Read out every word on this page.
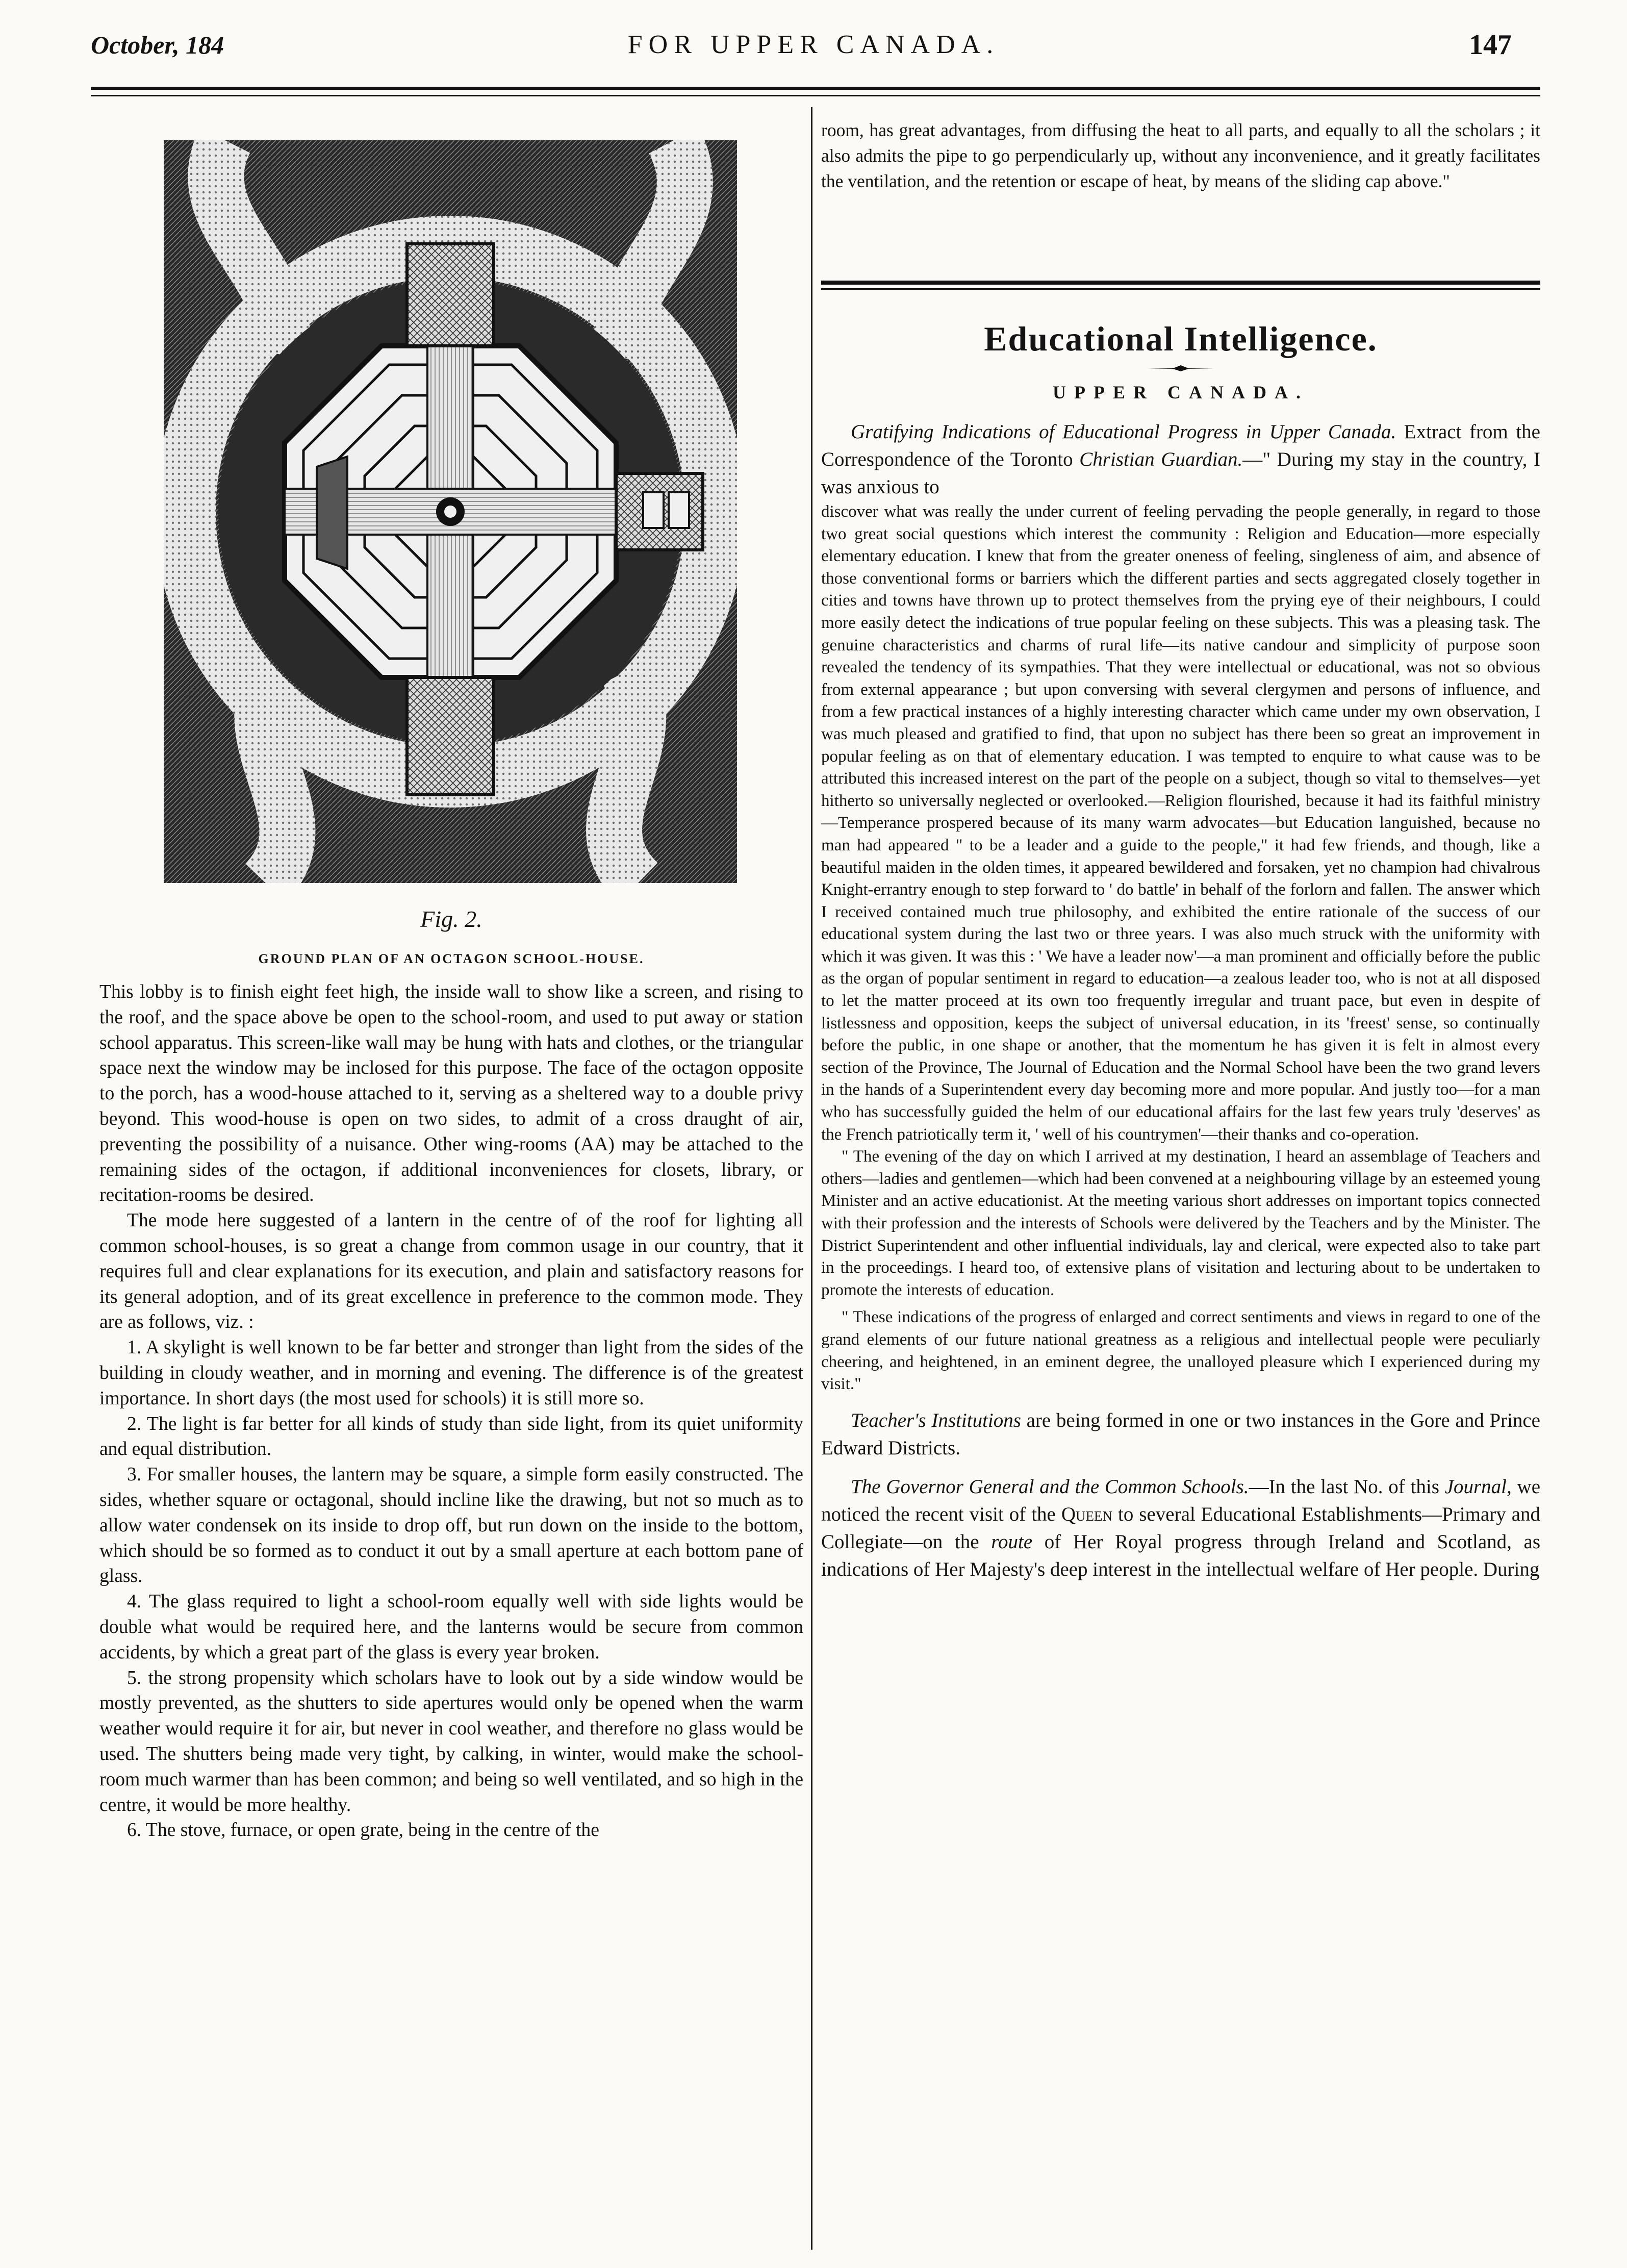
October, 184	FOR UPPER CANADA.	147
Fig. 2.
GROUND PLAN OF AN OCTAGON SCHOOL-HOUSE.

This lobby is to finish eight feet high, the inside wall to show like a screen, and rising to the roof, and the space above be open to the school-room, and used to put away or station school apparatus. This screen-like wall may be hung with hats and clothes, or the triangular space next the window may be inclosed for this purpose. The face of the octagon opposite to the porch, has a wood-house attached to it, serving as a sheltered way to a double privy beyond. This wood-house is open on two sides, to admit of a cross draught of air, preventing the possibility of a nuisance. Other wing-rooms (AA) may be attached to the remaining sides of the octagon, if additional inconveniences for closets, library, or recitation-rooms be desired.

The mode here suggested of a lantern in the centre of of the roof for lighting all common school-houses, is so great a change from common usage in our country, that it requires full and clear explanations for its execution, and plain and satisfactory reasons for its general adoption, and of its great excellence in preference to the common mode. They are as follows, viz. :

1. A skylight is well known to be far better and stronger than light from the sides of the building in cloudy weather, and in morning and evening. The difference is of the greatest importance. In short days (the most used for schools) it is still more so.

2. The light is far better for all kinds of study than side light, from its quiet uniformity and equal distribution.

3. For smaller houses, the lantern may be square, a simple form easily constructed. The sides, whether square or octagonal, should incline like the drawing, but not so much as to allow water condensek on its inside to drop off, but run down on the inside to the bottom, which should be so formed as to conduct it out by a small aperture at each bottom pane of glass.

4. The glass required to light a school-room equally well with side lights would be double what would be required here, and the lanterns would be secure from common accidents, by which a great part of the glass is every year broken.

5. the strong propensity which scholars have to look out by a side window would be mostly prevented, as the shutters to side apertures would only be opened when the warm weather would require it for air, but never in cool weather, and therefore no glass would be used. The shutters being made very tight, by calking, in winter, would make the school-room much warmer than has been common; and being so well ventilated, and so high in the centre, it would be more healthy.

6. The stove, furnace, or open grate, being in the centre of the

room, has great advantages, from diffusing the heat to all parts, and equally to all the scholars ; it also admits the pipe to go perpendicularly up, without any inconvenience, and it greatly facilitates the ventilation, and the retention or escape of heat, by means of the sliding cap above."

Educational Intelligence.
UPPER CANADA.

Gratifying Indications of Educational Progress in Upper Canada. Extract from the Correspondence of the Toronto Christian Guardian.—" During my stay in the country, I was anxious to

discover what was really the under current of feeling pervading the people generally, in regard to those two great social questions which interest the community : Religion and Education—more especially elementary education. I knew that from the greater oneness of feeling, singleness of aim, and absence of those conventional forms or barriers which the different parties and sects aggregated closely together in cities and towns have thrown up to protect themselves from the prying eye of their neighbours, I could more easily detect the indications of true popular feeling on these subjects. This was a pleasing task. The genuine characteristics and charms of rural life—its native candour and simplicity of purpose soon revealed the tendency of its sympathies. That they were intellectual or educational, was not so obvious from external appearance ; but upon conversing with several clergymen and persons of influence, and from a few practical instances of a highly interesting character which came under my own observation, I was much pleased and gratified to find, that upon no subject has there been so great an improvement in popular feeling as on that of elementary education. I was tempted to enquire to what cause was to be attributed this increased interest on the part of the people on a subject, though so vital to themselves—yet hitherto so universally neglected or overlooked.—Religion flourished, because it had its faithful ministry—Temperance prospered because of its many warm advocates—but Education languished, because no man had appeared " to be a leader and a guide to the people," it had few friends, and though, like a beautiful maiden in the olden times, it appeared bewildered and forsaken, yet no champion had chivalrous Knight-errantry enough to step forward to ' do battle' in behalf of the forlorn and fallen. The answer which I received contained much true philosophy, and exhibited the entire rationale of the success of our educational system during the last two or three years. I was also much struck with the uniformity with which it was given. It was this : ' We have a leader now'—a man prominent and officially before the public as the organ of popular sentiment in regard to education—a zealous leader too, who is not at all disposed to let the matter proceed at its own too frequently irregular and truant pace, but even in despite of listlessness and opposition, keeps the subject of universal education, in its 'freest' sense, so continually before the public, in one shape or another, that the momentum he has given it is felt in almost every section of the Province, The Journal of Education and the Normal School have been the two grand levers in the hands of a Superintendent every day becoming more and more popular. And justly too—for a man who has successfully guided the helm of our educational affairs for the last few years truly 'deserves' as the French patriotically term it, ' well of his countrymen'—their thanks and co-operation.

" The evening of the day on which I arrived at my destination, I heard an assemblage of Teachers and others—ladies and gentlemen—which had been convened at a neighbouring village by an esteemed young Minister and an active educationist. At the meeting various short addresses on important topics connected with their profession and the interests of Schools were delivered by the Teachers and by the Minister. The District Superintendent and other influential individuals, lay and clerical, were expected also to take part in the proceedings. I heard too, of extensive plans of visitation and lecturing about to be undertaken to promote the interests of education.

" These indications of the progress of enlarged and correct sentiments and views in regard to one of the grand elements of our future national greatness as a religious and intellectual people were peculiarly cheering, and heightened, in an eminent degree, the unalloyed pleasure which I experienced during my visit."

Teacher's Institutions are being formed in one or two instances in the Gore and Prince Edward Districts.

The Governor General and the Common Schools.—In the last No. of this Journal, we noticed the recent visit of the Queen to several Educational Establishments—Primary and Collegiate—on the route of Her Royal progress through Ireland and Scotland, as indications of Her Majesty's deep interest in the intellectual welfare of Her people. During
